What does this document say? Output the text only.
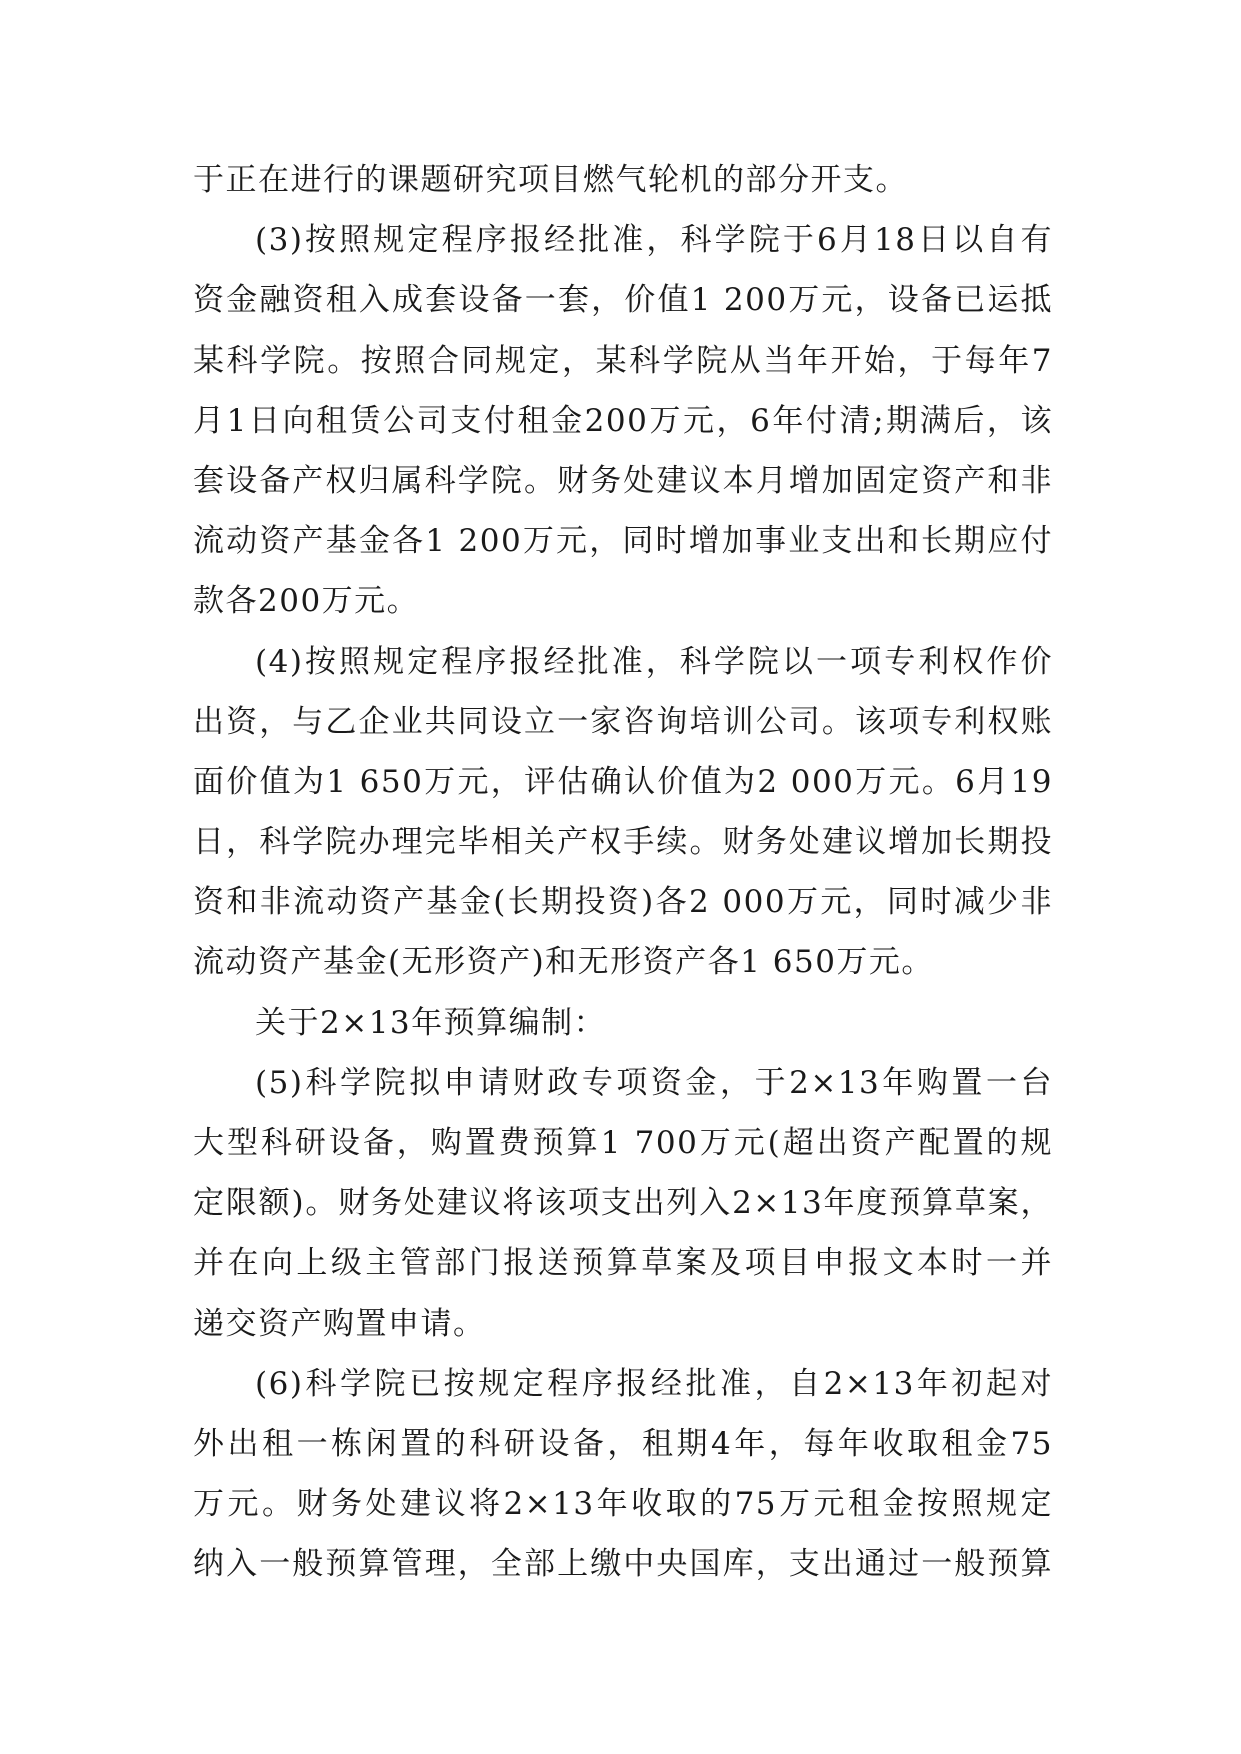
于正在进行的课题研究项目燃气轮机的部分开支。
(3)按照规定程序报经批准，科学院于6月18日以自有
资金融资租入成套设备一套，价值1 200万元，设备已运抵
某科学院。按照合同规定，某科学院从当年开始，于每年7
月1日向租赁公司支付租金200万元，6年付清;期满后，该
套设备产权归属科学院。财务处建议本月增加固定资产和非
流动资产基金各1 200万元，同时增加事业支出和长期应付
款各200万元。
(4)按照规定程序报经批准，科学院以一项专利权作价
出资，与乙企业共同设立一家咨询培训公司。该项专利权账
面价值为1 650万元，评估确认价值为2 000万元。6月19
日，科学院办理完毕相关产权手续。财务处建议增加长期投
资和非流动资产基金(长期投资)各2 000万元，同时减少非
流动资产基金(无形资产)和无形资产各1 650万元。
关于2×13年预算编制：
(5)科学院拟申请财政专项资金，于2×13年购置一台
大型科研设备，购置费预算1 700万元(超出资产配置的规
定限额)。财务处建议将该项支出列入2×13年度预算草案，
并在向上级主管部门报送预算草案及项目申报文本时一并
递交资产购置申请。
(6)科学院已按规定程序报经批准，自2×13年初起对
外出租一栋闲置的科研设备，租期4年，每年收取租金75
万元。财务处建议将2×13年收取的75万元租金按照规定
纳入一般预算管理，全部上缴中央国库，支出通过一般预算
